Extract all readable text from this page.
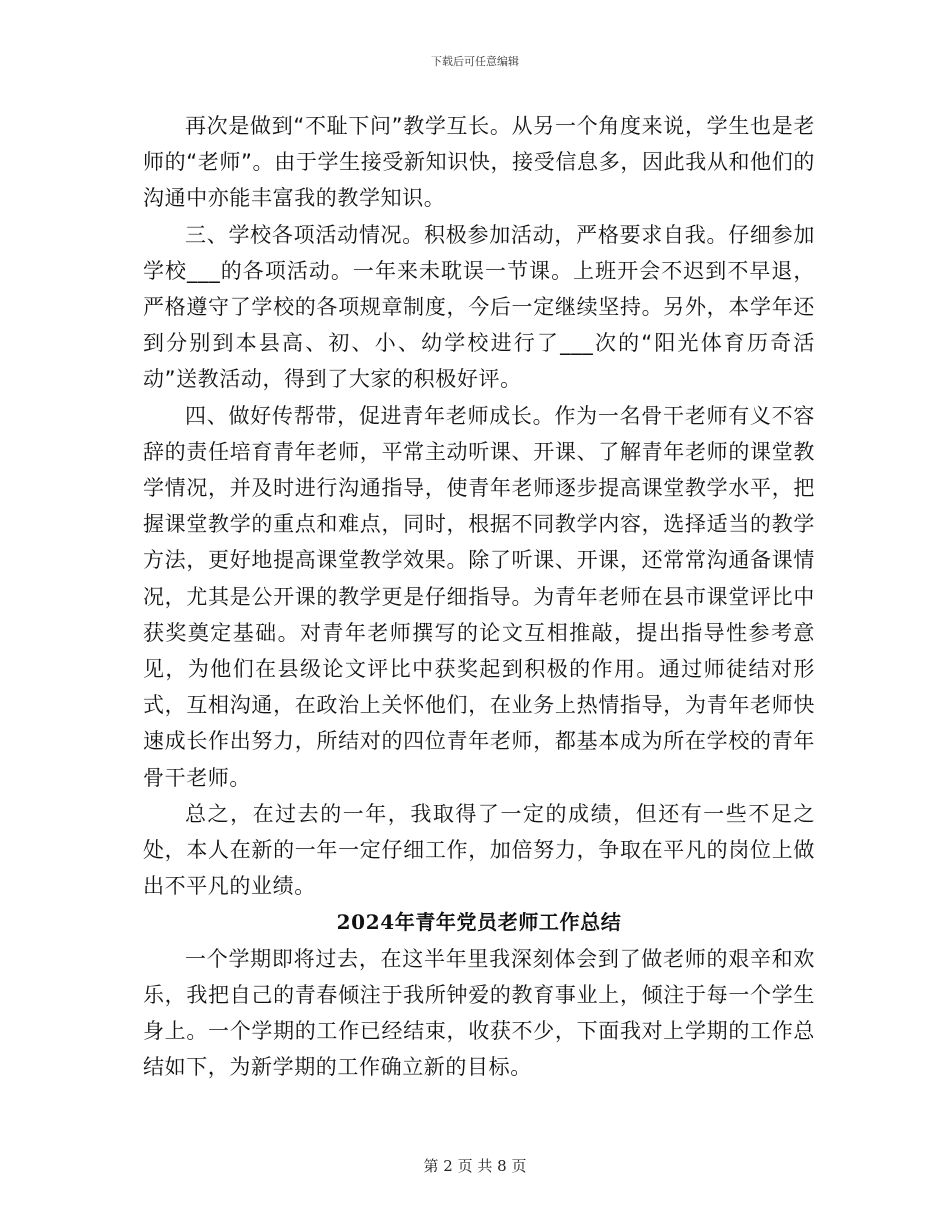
下载后可任意编辑

再次是做到“不耻下问”教学互长。从另一个角度来说，学生也是老师的“老师”。由于学生接受新知识快，接受信息多，因此我从和他们的沟通中亦能丰富我的教学知识。

三、学校各项活动情况。积极参加活动，严格要求自我。仔细参加学校___的各项活动。一年来未耽误一节课。上班开会不迟到不早退，严格遵守了学校的各项规章制度，今后一定继续坚持。另外，本学年还到分别到本县高、初、小、幼学校进行了___次的“阳光体育历奇活动”送教活动，得到了大家的积极好评。

四、做好传帮带，促进青年老师成长。作为一名骨干老师有义不容辞的责任培育青年老师，平常主动听课、开课、了解青年老师的课堂教学情况，并及时进行沟通指导，使青年老师逐步提高课堂教学水平，把握课堂教学的重点和难点，同时，根据不同教学内容，选择适当的教学方法，更好地提高课堂教学效果。除了听课、开课，还常常沟通备课情况，尤其是公开课的教学更是仔细指导。为青年老师在县市课堂评比中获奖奠定基础。对青年老师撰写的论文互相推敲，提出指导性参考意见，为他们在县级论文评比中获奖起到积极的作用。通过师徒结对形式，互相沟通，在政治上关怀他们，在业务上热情指导，为青年老师快速成长作出努力，所结对的四位青年老师，都基本成为所在学校的青年骨干老师。

总之，在过去的一年，我取得了一定的成绩，但还有一些不足之处，本人在新的一年一定仔细工作，加倍努力，争取在平凡的岗位上做出不平凡的业绩。

2024年青年党员老师工作总结

一个学期即将过去，在这半年里我深刻体会到了做老师的艰辛和欢乐，我把自己的青春倾注于我所钟爱的教育事业上，倾注于每一个学生身上。一个学期的工作已经结束，收获不少，下面我对上学期的工作总结如下，为新学期的工作确立新的目标。

第 2 页 共 8 页
